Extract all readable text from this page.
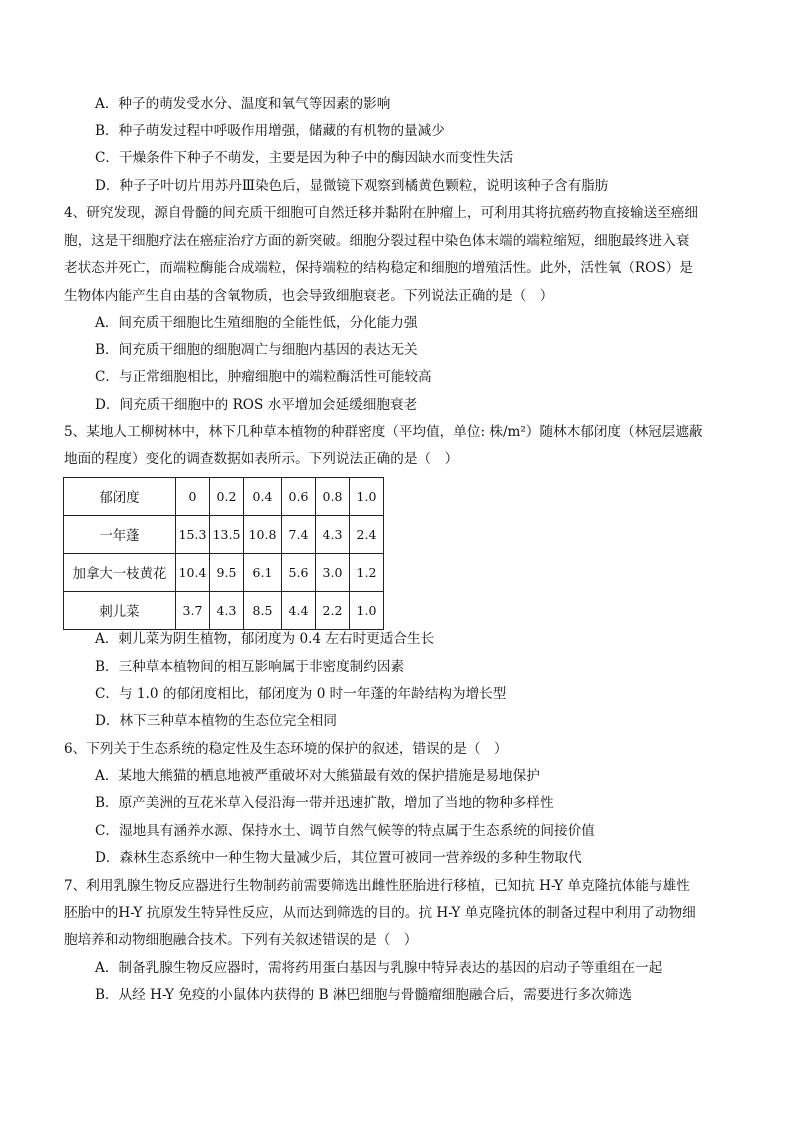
A．种子的萌发受水分、温度和氧气等因素的影响
B．种子萌发过程中呼吸作用增强，储藏的有机物的量减少
C．干燥条件下种子不萌发，主要是因为种子中的酶因缺水而变性失活
D．种子子叶切片用苏丹Ⅲ染色后，显微镜下观察到橘黄色颗粒，说明该种子含有脂肪
4、研究发现，源自骨髓的间充质干细胞可自然迁移并黏附在肿瘤上，可利用其将抗癌药物直接输送至癌细
胞，这是干细胞疗法在癌症治疗方面的新突破。细胞分裂过程中染色体末端的端粒缩短，细胞最终进入衰
老状态并死亡，而端粒酶能合成端粒，保持端粒的结构稳定和细胞的增殖活性。此外，活性氧（ROS）是
生物体内能产生自由基的含氧物质，也会导致细胞衰老。下列说法正确的是（　）
A．间充质干细胞比生殖细胞的全能性低，分化能力强
B．间充质干细胞的细胞凋亡与细胞内基因的表达无关
C．与正常细胞相比，肿瘤细胞中的端粒酶活性可能较高
D．间充质干细胞中的 ROS 水平增加会延缓细胞衰老
5、某地人工柳树林中，林下几种草本植物的种群密度（平均值，单位: 株/m²）随林木郁闭度（林冠层遮蔽
地面的程度）变化的调查数据如表所示。下列说法正确的是（　）
郁闭度	0	0.2	0.4	0.6	0.8	1.0
一年蓬	15.3	13.5	10.8	7.4	4.3	2.4
加拿大一枝黄花	10.4	9.5	6.1	5.6	3.0	1.2
刺儿菜	3.7	4.3	8.5	4.4	2.2	1.0
A．刺儿菜为阴生植物，郁闭度为 0.4 左右时更适合生长
B．三种草本植物间的相互影响属于非密度制约因素
C．与 1.0 的郁闭度相比，郁闭度为 0 时一年蓬的年龄结构为增长型
D．林下三种草本植物的生态位完全相同
6、下列关于生态系统的稳定性及生态环境的保护的叙述，错误的是（　）
A．某地大熊猫的栖息地被严重破坏对大熊猫最有效的保护措施是易地保护
B．原产美洲的互花米草入侵沿海一带并迅速扩散，增加了当地的物种多样性
C．湿地具有涵养水源、保持水土、调节自然气候等的特点属于生态系统的间接价值
D．森林生态系统中一种生物大量减少后，其位置可被同一营养级的多种生物取代
7、利用乳腺生物反应器进行生物制药前需要筛选出雌性胚胎进行移植，已知抗 H-Y 单克隆抗体能与雄性
胚胎中的H-Y 抗原发生特异性反应，从而达到筛选的目的。抗 H-Y 单克隆抗体的制备过程中利用了动物细
胞培养和动物细胞融合技术。下列有关叙述错误的是（　）
A．制备乳腺生物反应器时，需将药用蛋白基因与乳腺中特异表达的基因的启动子等重组在一起
B．从经 H-Y 免疫的小鼠体内获得的 B 淋巴细胞与骨髓瘤细胞融合后，需要进行多次筛选
